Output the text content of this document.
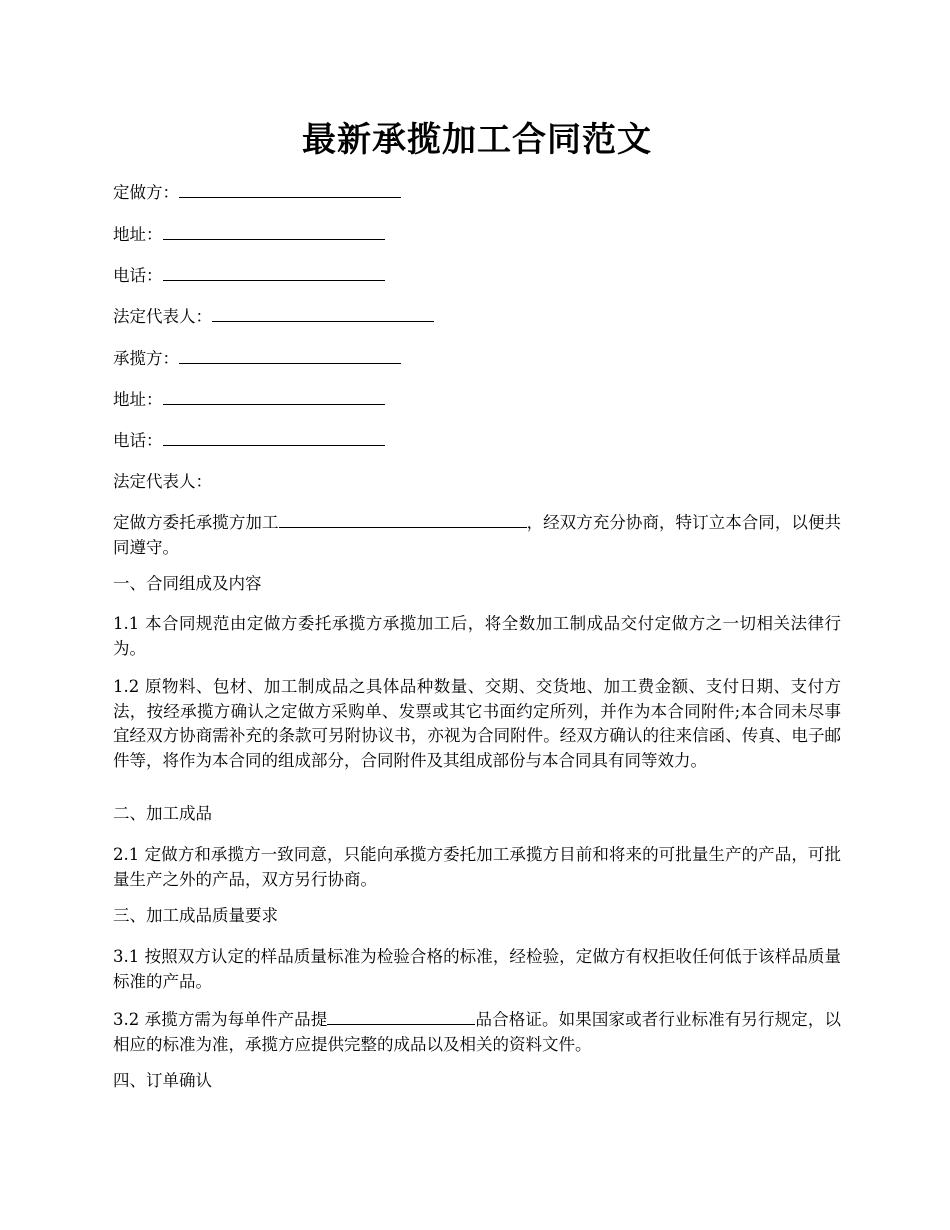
最新承揽加工合同范文
定做方：
地址：
电话：
法定代表人：
承揽方：
地址：
电话：
法定代表人：
定做方委托承揽方加工	，经双方充分协商，特订立本合同，以便共同遵守。
一、合同组成及内容
1.1 本合同规范由定做方委托承揽方承揽加工后，将全数加工制成品交付定做方之一切相关法律行为。
1.2 原物料、包材、加工制成品之具体品种数量、交期、交货地、加工费金额、支付日期、支付方法，按经承揽方确认之定做方采购单、发票或其它书面约定所列，并作为本合同附件;本合同未尽事宜经双方协商需补充的条款可另附协议书，亦视为合同附件。经双方确认的往来信函、传真、电子邮件等，将作为本合同的组成部分，合同附件及其组成部份与本合同具有同等效力。
二、加工成品
2.1 定做方和承揽方一致同意，只能向承揽方委托加工承揽方目前和将来的可批量生产的产品，可批量生产之外的产品，双方另行协商。
三、加工成品质量要求
3.1 按照双方认定的样品质量标准为检验合格的标准，经检验，定做方有权拒收任何低于该样品质量标准的产品。
3.2 承揽方需为每单件产品提	品合格证。如果国家或者行业标准有另行规定，以相应的标准为准，承揽方应提供完整的成品以及相关的资料文件。
四、订单确认
